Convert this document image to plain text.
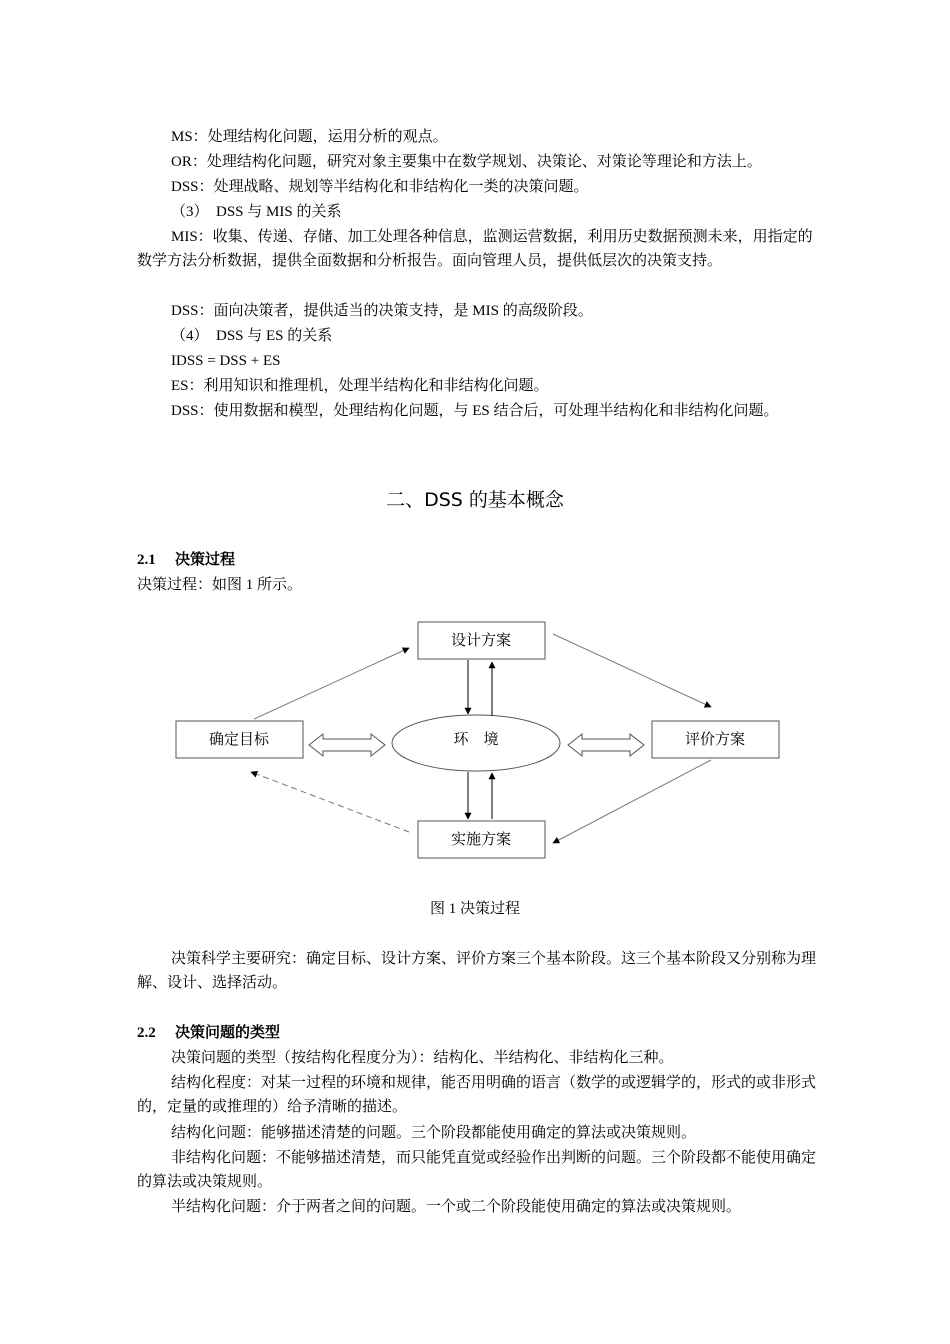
MS：处理结构化问题，运用分析的观点。

OR：处理结构化问题，研究对象主要集中在数学规划、决策论、对策论等理论和方法上。

DSS：处理战略、规划等半结构化和非结构化一类的决策问题。

（3）　DSS 与 MIS 的关系

MIS：收集、传递、存储、加工处理各种信息，监测运营数据，利用历史数据预测未来，用指定的数学方法分析数据，提供全面数据和分析报告。面向管理人员，提供低层次的决策支持。

DSS：面向决策者，提供适当的决策支持，是 MIS 的高级阶段。

（4）　DSS 与 ES 的关系

IDSS = DSS + ES

ES：利用知识和推理机，处理半结构化和非结构化问题。

DSS：使用数据和模型，处理结构化问题，与 ES 结合后，可处理半结构化和非结构化问题。

二、DSS 的基本概念
2.1 决策过程

决策过程：如图 1 所示。

设计方案
确定目标	评价方案
实施方案
环　境
图 1 决策过程

决策科学主要研究：确定目标、设计方案、评价方案三个基本阶段。这三个基本阶段又分别称为理解、设计、选择活动。

2.2 决策问题的类型

决策问题的类型（按结构化程度分为）：结构化、半结构化、非结构化三种。

结构化程度：对某一过程的环境和规律，能否用明确的语言（数学的或逻辑学的，形式的或非形式的，定量的或推理的）给予清晰的描述。

结构化问题：能够描述清楚的问题。三个阶段都能使用确定的算法或决策规则。

非结构化问题：不能够描述清楚，而只能凭直觉或经验作出判断的问题。三个阶段都不能使用确定的算法或决策规则。

半结构化问题：介于两者之间的问题。一个或二个阶段能使用确定的算法或决策规则。
